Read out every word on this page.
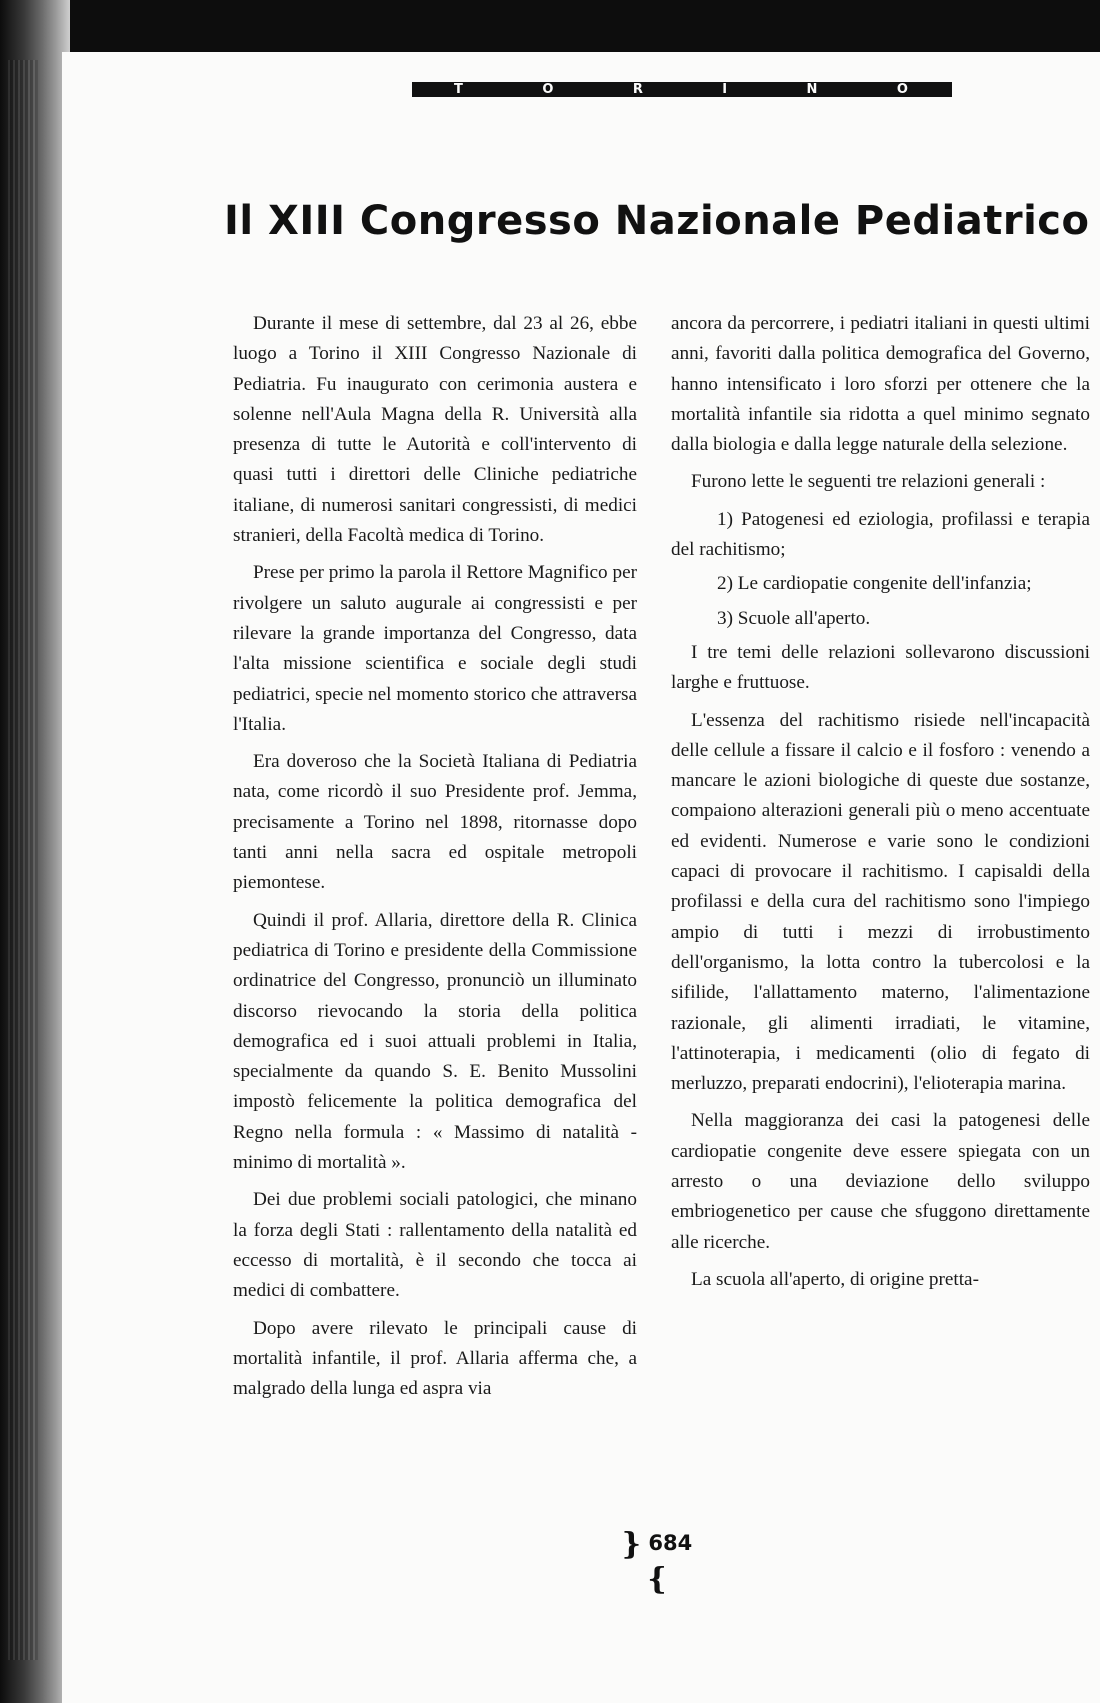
T	O	R	I	N	O
Il XIII Congresso Nazionale Pediatrico

Durante il mese di settembre, dal 23 al 26, ebbe luogo a Torino il XIII Congresso Nazionale di Pediatria. Fu inaugurato con cerimonia austera e solenne nell'Aula Magna della R. Università alla presenza di tutte le Autorità e coll'intervento di quasi tutti i direttori delle Cliniche pediatriche italiane, di numerosi sanitari congressisti, di medici stranieri, della Facoltà medica di Torino.

Prese per primo la parola il Rettore Magnifico per rivolgere un saluto augurale ai congressisti e per rilevare la grande importanza del Congresso, data l'alta missione scientifica e sociale degli studi pediatrici, specie nel momento storico che attraversa l'Italia.

Era doveroso che la Società Italiana di Pediatria nata, come ricordò il suo Presidente prof. Jemma, precisamente a Torino nel 1898, ritornasse dopo tanti anni nella sacra ed ospitale metropoli piemontese.

Quindi il prof. Allaria, direttore della R. Clinica pediatrica di Torino e presidente della Commissione ordinatrice del Congresso, pronunciò un illuminato discorso rievocando la storia della politica demografica ed i suoi attuali problemi in Italia, specialmente da quando S. E. Benito Mussolini impostò felicemente la politica demografica del Regno nella formula : « Massimo di natalità - minimo di mortalità ».

Dei due problemi sociali patologici, che minano la forza degli Stati : rallentamento della natalità ed eccesso di mortalità, è il secondo che tocca ai medici di combattere.

Dopo avere rilevato le principali cause di mortalità infantile, il prof. Allaria afferma che, a malgrado della lunga ed aspra via

ancora da percorrere, i pediatri italiani in questi ultimi anni, favoriti dalla politica demografica del Governo, hanno intensificato i loro sforzi per ottenere che la mortalità infantile sia ridotta a quel minimo segnato dalla biologia e dalla legge naturale della selezione.

Furono lette le seguenti tre relazioni generali :

1) Patogenesi ed eziologia, profilassi e terapia del rachitismo;

2) Le cardiopatie congenite dell'infanzia;

3) Scuole all'aperto.

I tre temi delle relazioni sollevarono discussioni larghe e fruttuose.

L'essenza del rachitismo risiede nell'incapacità delle cellule a fissare il calcio e il fosforo : venendo a mancare le azioni biologiche di queste due sostanze, compaiono alterazioni generali più o meno accentuate ed evidenti. Numerose e varie sono le condizioni capaci di provocare il rachitismo. I capisaldi della profilassi e della cura del rachitismo sono l'impiego ampio di tutti i mezzi di irrobustimento dell'organismo, la lotta contro la tubercolosi e la sifilide, l'allattamento materno, l'alimentazione razionale, gli alimenti irradiati, le vitamine, l'attinoterapia, i medicamenti (olio di fegato di merluzzo, preparati endocrini), l'elioterapia marina.

Nella maggioranza dei casi la patogenesi delle cardiopatie congenite deve essere spiegata con un arresto o una deviazione dello sviluppo embriogenetico per cause che sfuggono direttamente alle ricerche.

La scuola all'aperto, di origine pretta-

} 684 {
